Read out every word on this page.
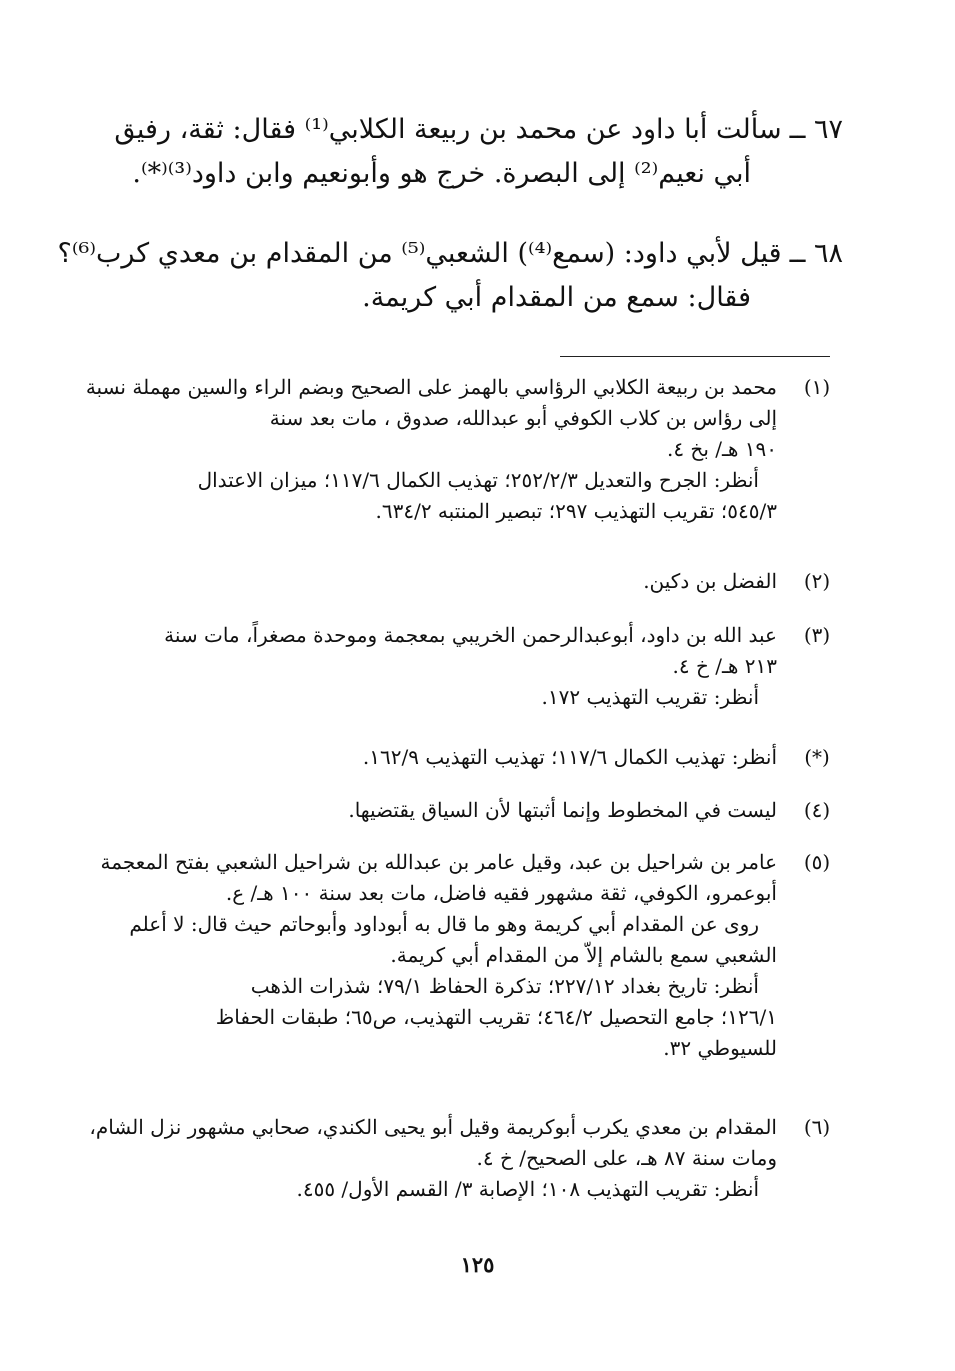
٦٧ ــسألت أبا داود عن محمد بن ربيعة الكلابي⁽¹⁾ فقال: ثقة، رفيق
أبي نعيم⁽²⁾ إلى البصرة. خرج هو وأبونعيم وابن داود⁽³⁾⁽*⁾.
٦٨ ــقيل لأبي داود: (سمع⁽⁴⁾) الشعبي⁽⁵⁾ من المقدام بن معدي كرب⁽⁶⁾؟
فقال: سمع من المقدام أبي كريمة.
(١)
محمد بن ربيعة الكلابي الرؤاسي بالهمز على الصحيح وبضم الراء والسين مهملة نسبة
إلى رؤاس بن كلاب الكوفي أبو عبدالله، صدوق ، مات بعد سنة
١٩٠ هـ/ بخ ٤.
أنظر: الجرح والتعديل ٢٥٢/٢/٣؛ تهذيب الكمال ١١٧/٦؛ ميزان الاعتدال
٥٤٥/٣؛ تقريب التهذيب ٢٩٧؛ تبصير المنتبه ٦٣٤/٢.
(٢)
الفضل بن دكين.
(٣)
عبد الله بن داود، أبوعبدالرحمن الخريبي بمعجمة وموحدة مصغراً، مات سنة
٢١٣ هـ/ خ ٤.
أنظر: تقريب التهذيب ١٧٢.
(*)
أنظر: تهذيب الكمال ١١٧/٦؛ تهذيب التهذيب ١٦٢/٩.
(٤)
ليست في المخطوط وإنما أثبتها لأن السياق يقتضيها.
(٥)
عامر بن شراحيل بن عبد، وقيل عامر بن عبدالله بن شراحيل الشعبي بفتح المعجمة
أبوعمرو، الكوفي، ثقة مشهور فقيه فاضل، مات بعد سنة ١٠٠ هـ/ ع.
روى عن المقدام أبي كريمة وهو ما قال به أبوداود وأبوحاتم حيث قال: لا أعلم
الشعبي سمع بالشام إلاّ من المقدام أبي كريمة.
أنظر: تاريخ بغداد ٢٢٧/١٢؛ تذكرة الحفاظ ٧٩/١؛ شذرات الذهب
١٢٦/١؛ جامع التحصيل ٤٦٤/٢؛ تقريب التهذيب، ص٦٥؛ طبقات الحفاظ
للسيوطي ٣٢.
(٦)
المقدام بن معدي يكرب أبوكريمة وقيل أبو يحيى الكندي، صحابي مشهور نزل الشام،
ومات سنة ٨٧ هـ، على الصحيح/ خ ٤.
أنظر: تقريب التهذيب ١٠٨؛ الإصابة ٣/ القسم الأول/ ٤٥٥.
١٢٥
